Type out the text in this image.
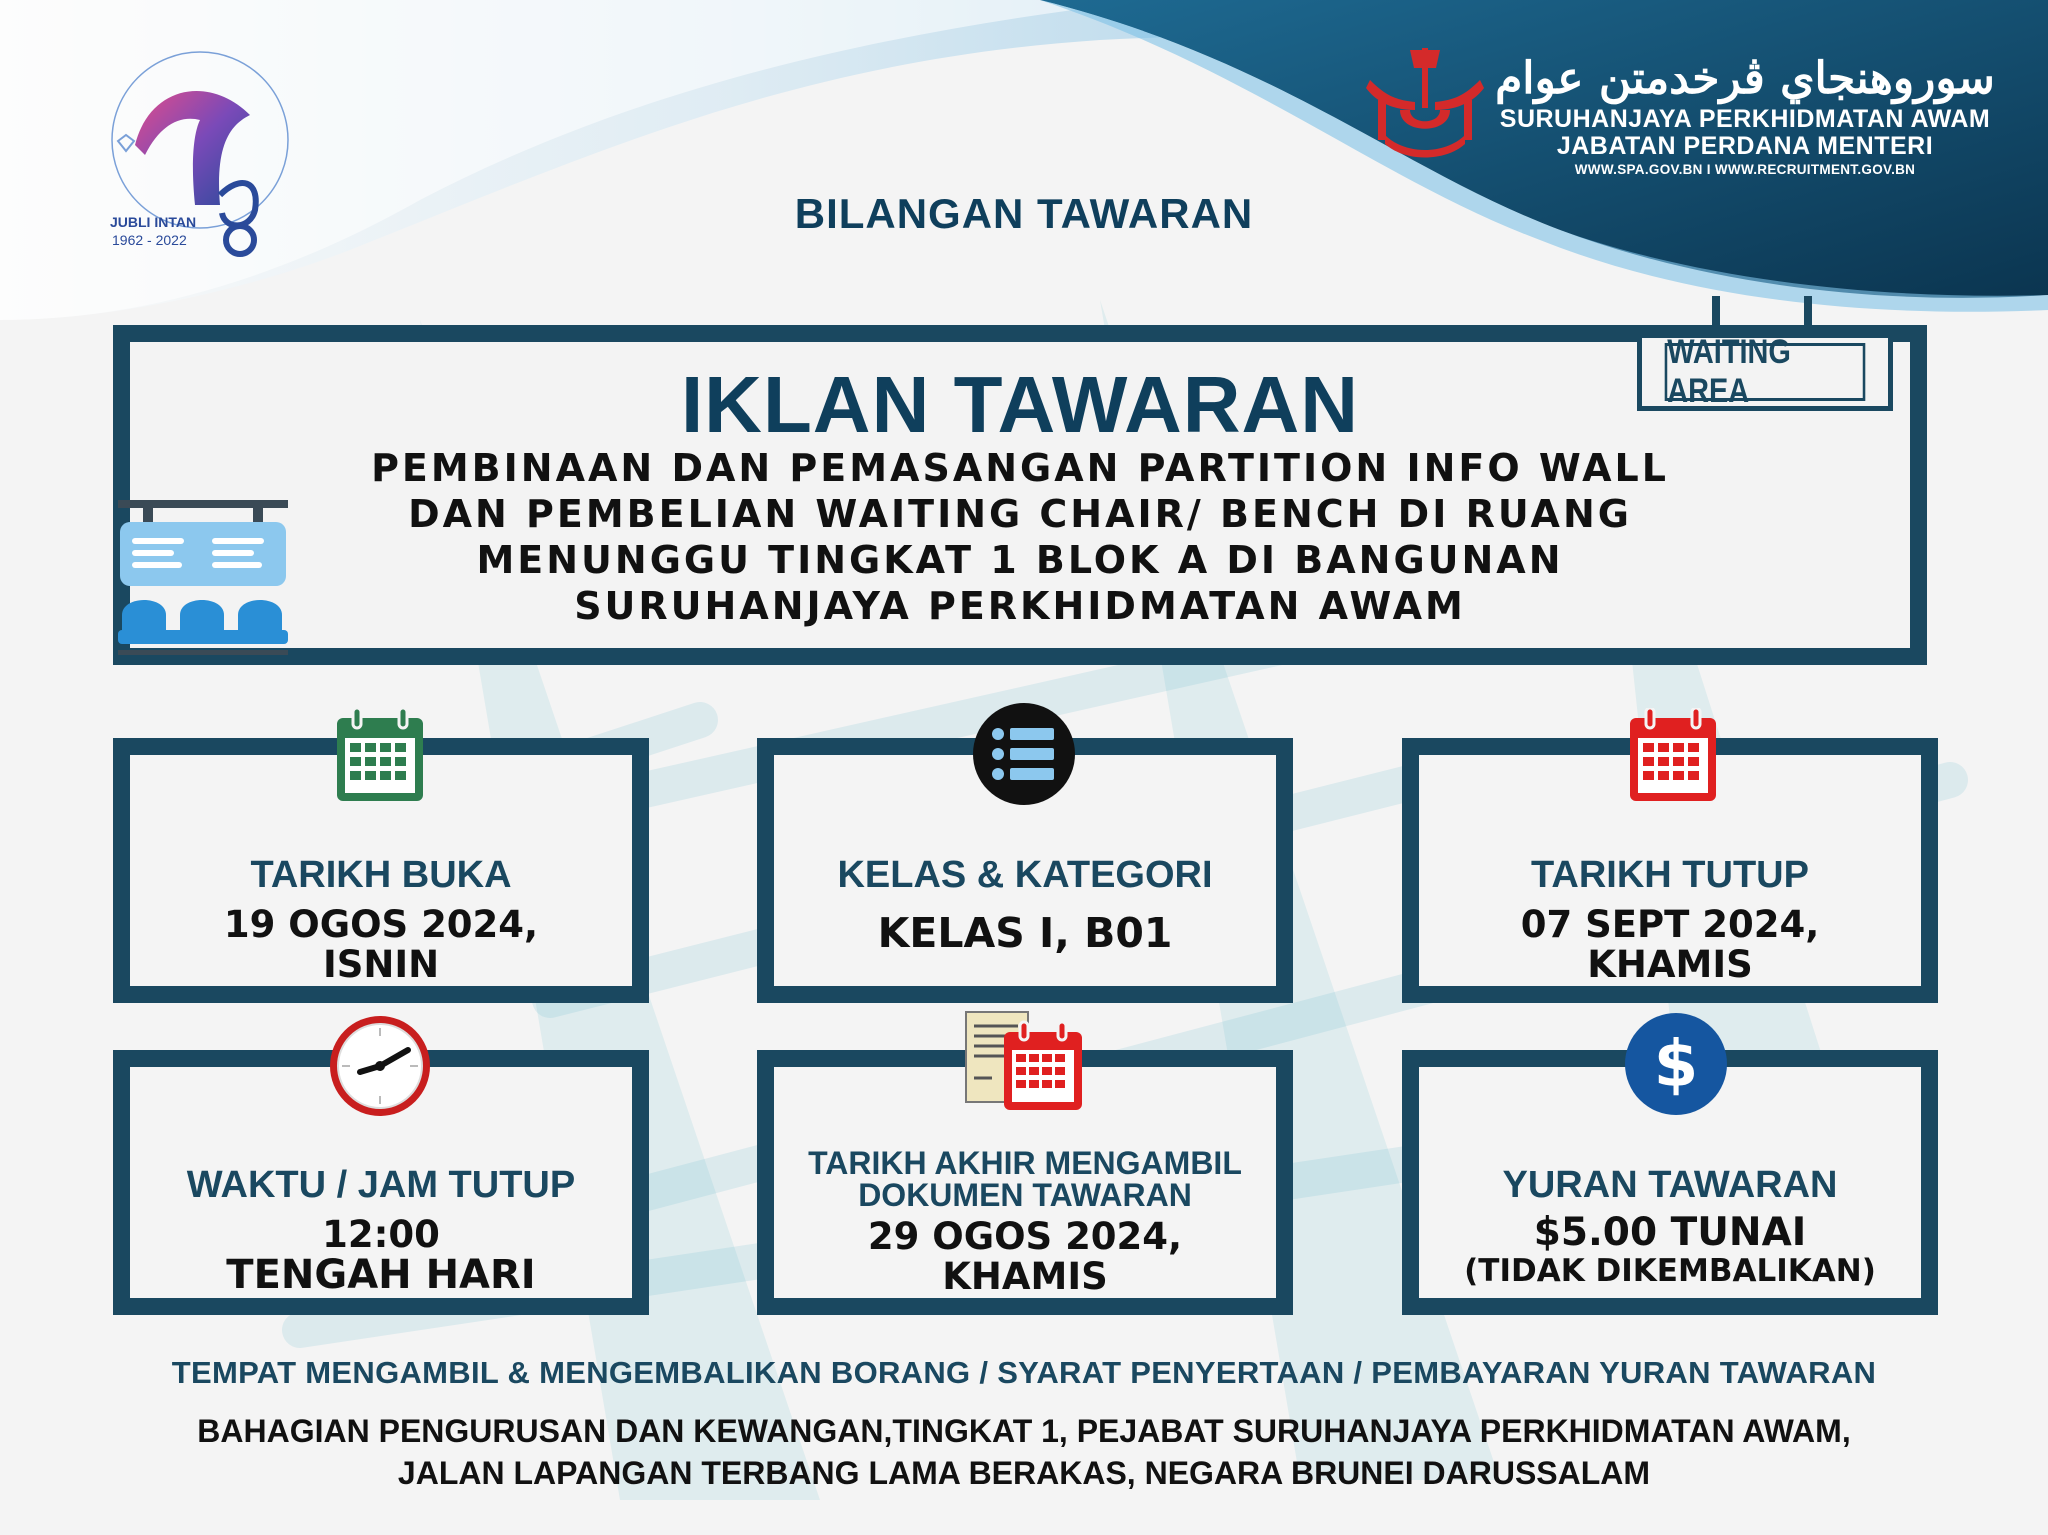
JUBLI INTAN
1962 - 2022
سوروهنجاي ڤرخدمتن عوام
SURUHANJAYA PERKHIDMATAN AWAM
JABATAN PERDANA MENTERI
WWW.SPA.GOV.BN I WWW.RECRUITMENT.GOV.BN
BILANGAN TAWARAN
WAITING AREA
IKLAN TAWARAN
PEMBINAAN DAN PEMASANGAN PARTITION INFO WALL
DAN PEMBELIAN WAITING CHAIR/ BENCH DI RUANG
MENUNGGU TINGKAT 1 BLOK A DI BANGUNAN
SURUHANJAYA PERKHIDMATAN AWAM
TARIKH BUKA
19 OGOS 2024,
ISNIN
KELAS & KATEGORI
KELAS I, B01
TARIKH TUTUP
07 SEPT 2024,
KHAMIS
WAKTU / JAM TUTUP
12:00
TENGAH HARI
TARIKH AKHIR MENGAMBIL
DOKUMEN TAWARAN
29 OGOS 2024,
KHAMIS
YURAN TAWARAN
$5.00 TUNAI
(TIDAK DIKEMBALIKAN)
$
TEMPAT MENGAMBIL & MENGEMBALIKAN BORANG / SYARAT PENYERTAAN / PEMBAYARAN YURAN TAWARAN
BAHAGIAN PENGURUSAN DAN KEWANGAN,TINGKAT 1, PEJABAT SURUHANJAYA PERKHIDMATAN AWAM,
JALAN LAPANGAN TERBANG LAMA BERAKAS, NEGARA BRUNEI DARUSSALAM
